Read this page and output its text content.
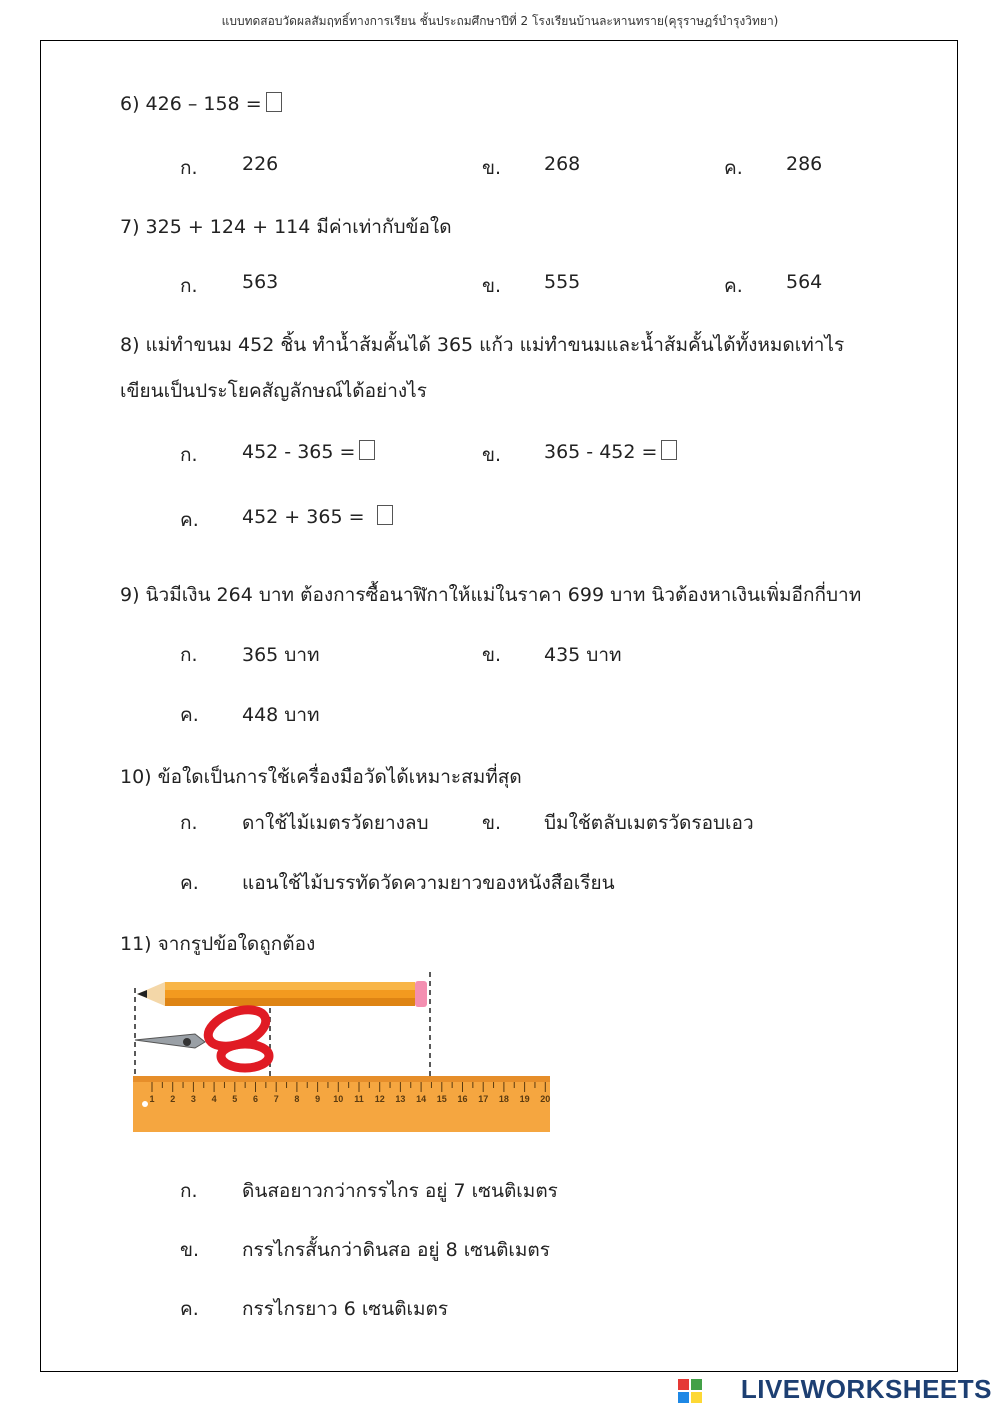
แบบทดสอบวัดผลสัมฤทธิ์ทางการเรียน ชั้นประถมศึกษาปีที่ 2 โรงเรียนบ้านละหานทราย(คุรุราษฎร์บำรุงวิทยา)
6) 426 – 158 =
ก. 226	ข. 268	ค. 286
7) 325 + 124 + 114 มีค่าเท่ากับข้อใด
ก. 563	ข. 555	ค. 564
8) แม่ทำขนม 452 ชิ้น ทำน้ำส้มคั้นได้ 365 แก้ว แม่ทำขนมและน้ำส้มคั้นได้ทั้งหมดเท่าไร
เขียนเป็นประโยคสัญลักษณ์ได้อย่างไร
ก. 452 - 365 =	ข. 365 - 452 =
ค. 452 + 365 =
9) นิวมีเงิน 264 บาท ต้องการซื้อนาฬิกาให้แม่ในราคา 699 บาท นิวต้องหาเงินเพิ่มอีกกี่บาท
ก. 365 บาท	ข. 435 บาท
ค. 448 บาท
10) ข้อใดเป็นการใช้เครื่องมือวัดได้เหมาะสมที่สุด
ก. ดาใช้ไม้เมตรวัดยางลบ	ข. บีมใช้ตลับเมตรวัดรอบเอว
ค. แอนใช้ไม้บรรทัดวัดความยาวของหนังสือเรียน
11) จากรูปข้อใดถูกต้อง
1 2 3 4 5 6 7 8 9 10 11 12 13 14 15 16 17 18 19 20
ก. ดินสอยาวกว่ากรรไกร อยู่ 7 เซนติเมตร
ข. กรรไกรสั้นกว่าดินสอ อยู่ 8 เซนติเมตร
ค. กรรไกรยาว 6 เซนติเมตร
LIVEWORKSHEETS
